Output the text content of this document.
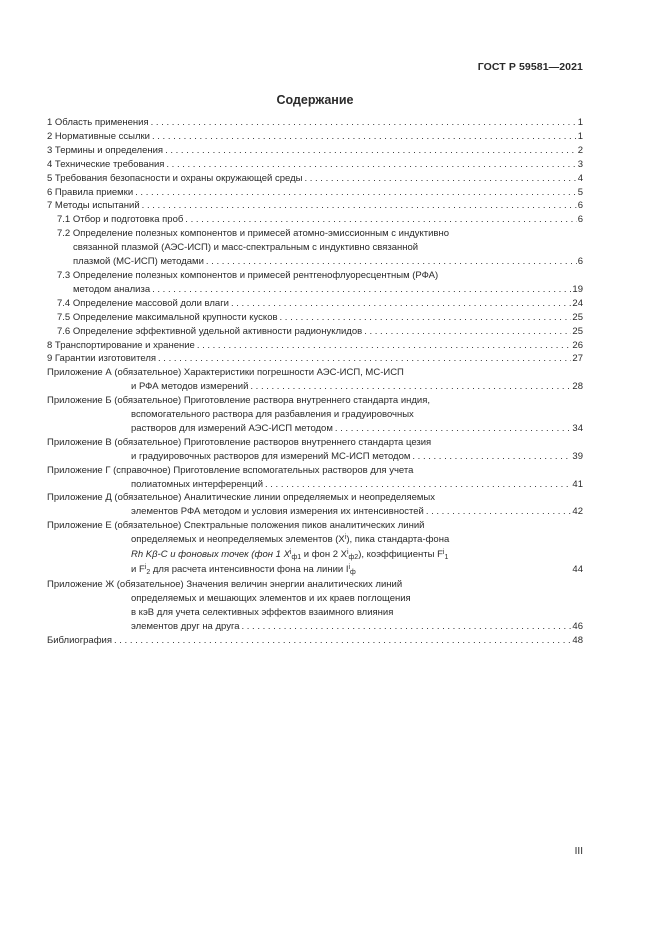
ГОСТ Р 59581—2021
Содержание
1 Область применения . . .	1
2 Нормативные ссылки . . .	1
3 Термины и определения . . .	2
4 Технические требования . . .	3
5 Требования безопасности и охраны окружающей среды . . .	4
6 Правила приемки . . .	5
7 Методы испытаний . . .	6
7.1 Отбор и подготовка проб . . .	6
7.2 Определение полезных компонентов и примесей атомно-эмиссионным с индуктивно
связанной плазмой (АЭС-ИСП) и масс-спектральным с индуктивно связанной
плазмой (МС-ИСП) методами . . .	6
7.3 Определение полезных компонентов и примесей рентгенофлуоресцентным (РФА)
методом анализа . . .	19
7.4 Определение массовой доли влаги . . .	24
7.5 Определение максимальной крупности кусков . . .	25
7.6 Определение эффективной удельной активности радионуклидов . . .	25
8 Транспортирование и хранение . . .	26
9 Гарантии изготовителя . . .	27
Приложение А (обязательное) Характеристики погрешности АЭС-ИСП, МС-ИСП
и РФА методов измерений . . .	28
Приложение Б (обязательное) Приготовление раствора внутреннего стандарта индия,
вспомогательного раствора для разбавления и градуировочных
растворов для измерений АЭС-ИСП методом . . .	34
Приложение В (обязательное) Приготовление растворов внутреннего стандарта цезия
и градуировочных растворов для измерений МС-ИСП методом . . .	39
Приложение Г (справочное) Приготовление вспомогательных растворов для учета
полиатомных интерференций . . .	41
Приложение Д (обязательное) Аналитические линии определяемых и неопределяемых
элементов РФА методом и условия измерения их интенсивностей . . .	42
Приложение Е (обязательное) Спектральные положения пиков аналитических линий
определяемых и неопределяемых элементов $(X^i)$, пика стандарта-фона
Rh Kβ-C и фоновых точек (фон 1 $X^i_{ф1}$ и фон 2 $X^i_{ф2}$), коэффициенты $F^i_1$
и $F^i_2$ для расчета интенсивности фона на линии $I^i_ф$	44
Приложение Ж (обязательное) Значения величин энергии аналитических линий
определяемых и мешающих элементов и их краев поглощения
в кэВ для учета селективных эффектов взаимного влияния
элементов друг на друга . . .	46
Библиография . . .	48
III
